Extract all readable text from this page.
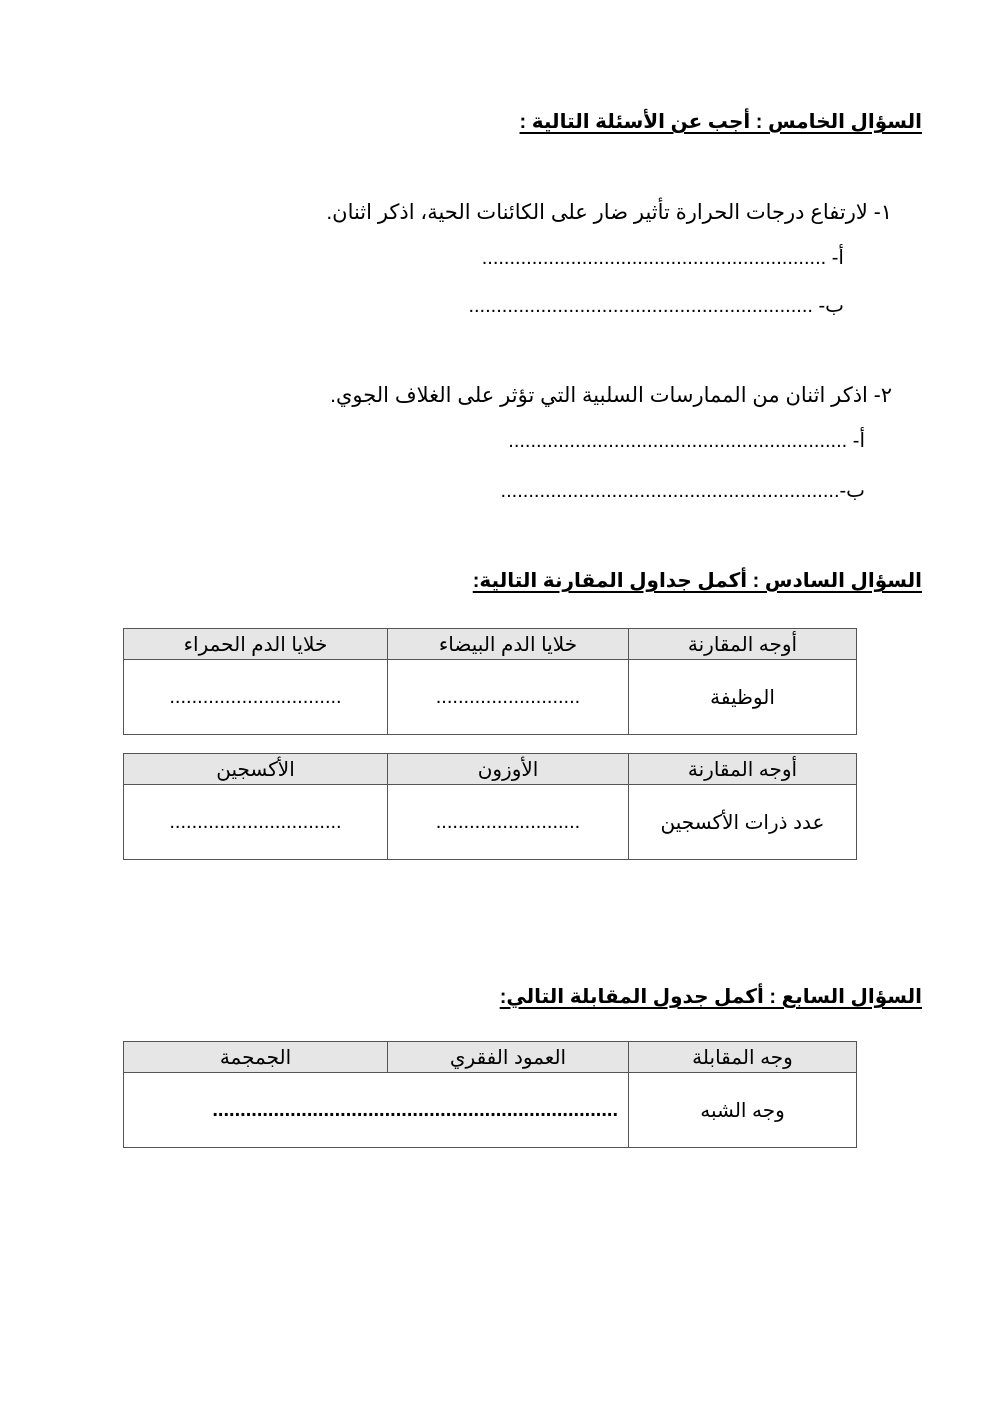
السؤال الخامس : أجب عن الأسئلة التالية :
١- لارتفاع درجات الحرارة تأثير ضار على الكائنات الحية، اذكر اثنان.
أ- ..............................................................
ب- ..............................................................
٢- اذكر اثنان من الممارسات السلبية التي تؤثر على الغلاف الجوي.
أ- .............................................................
ب-.............................................................
السؤال السادس : أكمل جداول المقارنة التالية:
أوجه المقارنة	خلايا الدم البيضاء	خلايا الدم الحمراء
الوظيفة	..........................	...............................
أوجه المقارنة	الأوزون	الأكسجين
عدد ذرات الأكسجين	..........................	...............................
السؤال السابع : أكمل جدول المقابلة التالي:
وجه المقابلة	العمود الفقري	الجمجمة
وجه الشبه	.........................................................................	
